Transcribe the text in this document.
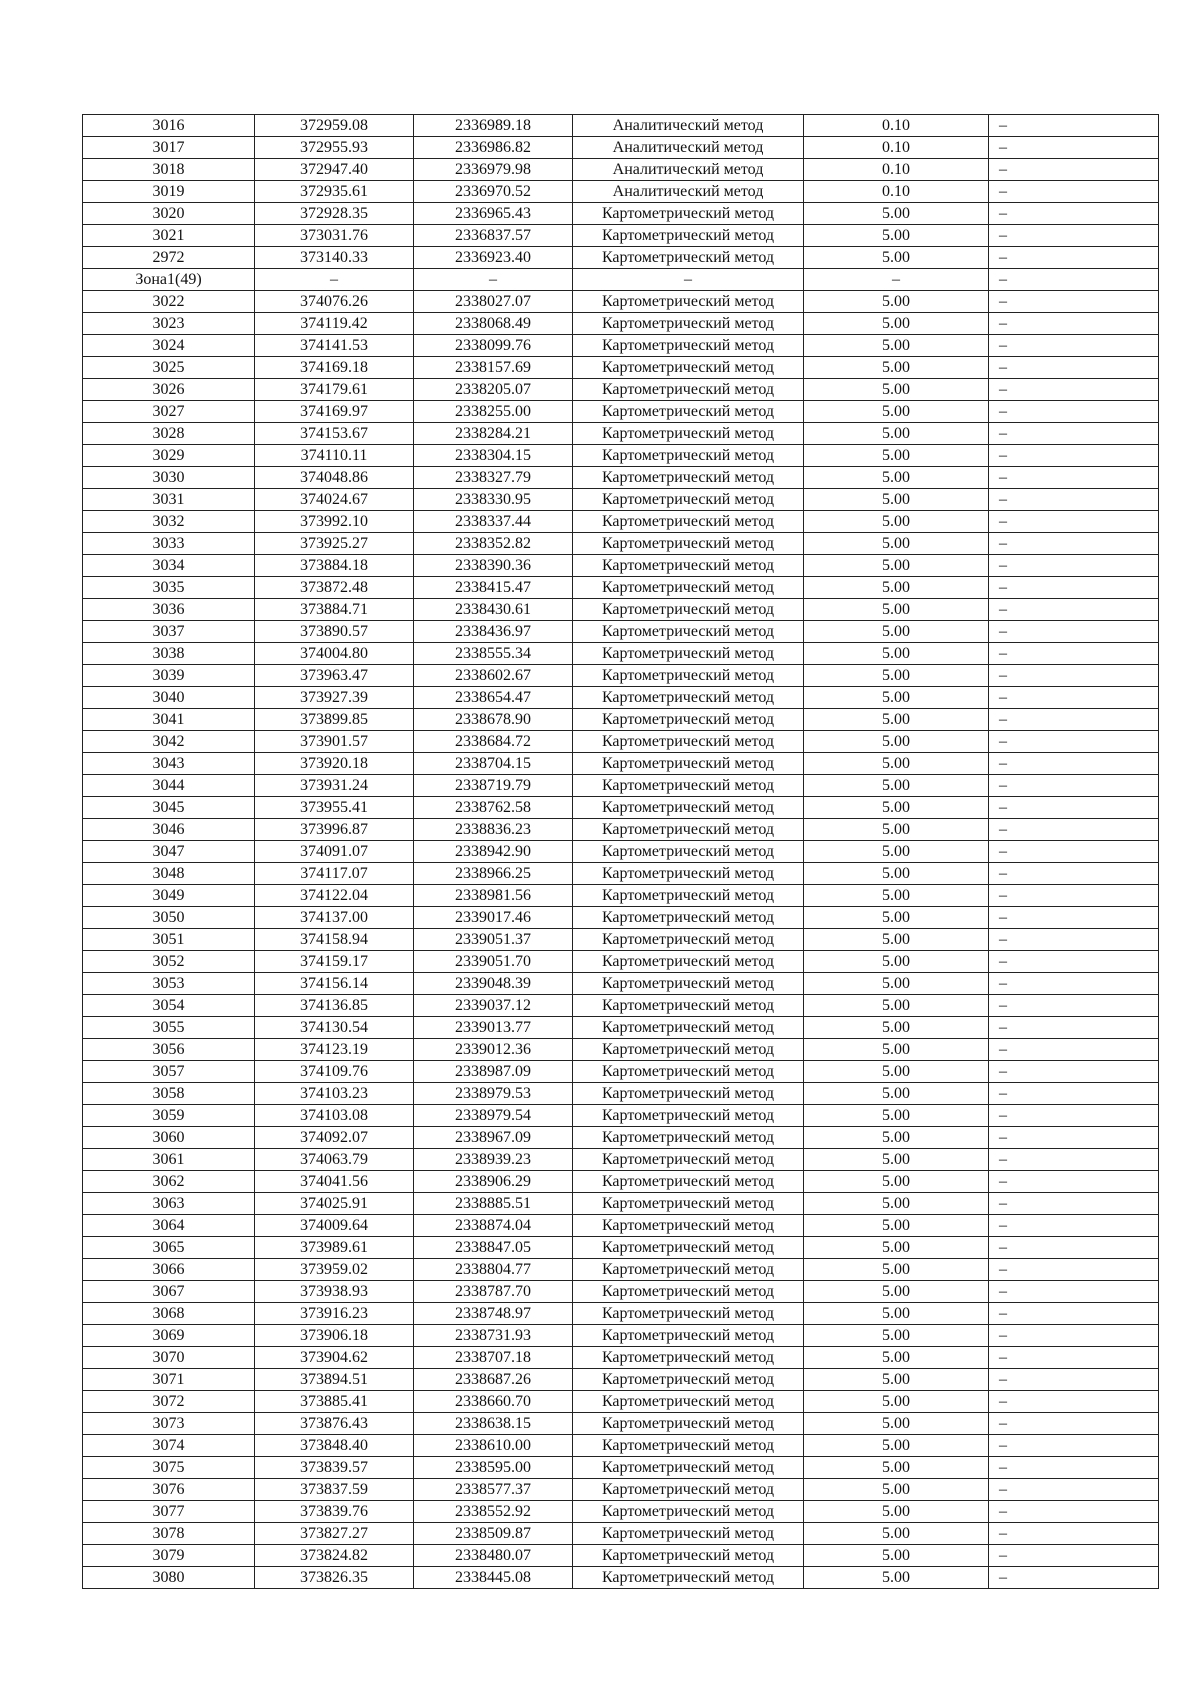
3016	372959.08	2336989.18	Аналитический метод	0.10	–
3017	372955.93	2336986.82	Аналитический метод	0.10	–
3018	372947.40	2336979.98	Аналитический метод	0.10	–
3019	372935.61	2336970.52	Аналитический метод	0.10	–
3020	372928.35	2336965.43	Картометрический метод	5.00	–
3021	373031.76	2336837.57	Картометрический метод	5.00	–
2972	373140.33	2336923.40	Картометрический метод	5.00	–
Зона1(49)	–	–	–	–	–
3022	374076.26	2338027.07	Картометрический метод	5.00	–
3023	374119.42	2338068.49	Картометрический метод	5.00	–
3024	374141.53	2338099.76	Картометрический метод	5.00	–
3025	374169.18	2338157.69	Картометрический метод	5.00	–
3026	374179.61	2338205.07	Картометрический метод	5.00	–
3027	374169.97	2338255.00	Картометрический метод	5.00	–
3028	374153.67	2338284.21	Картометрический метод	5.00	–
3029	374110.11	2338304.15	Картометрический метод	5.00	–
3030	374048.86	2338327.79	Картометрический метод	5.00	–
3031	374024.67	2338330.95	Картометрический метод	5.00	–
3032	373992.10	2338337.44	Картометрический метод	5.00	–
3033	373925.27	2338352.82	Картометрический метод	5.00	–
3034	373884.18	2338390.36	Картометрический метод	5.00	–
3035	373872.48	2338415.47	Картометрический метод	5.00	–
3036	373884.71	2338430.61	Картометрический метод	5.00	–
3037	373890.57	2338436.97	Картометрический метод	5.00	–
3038	374004.80	2338555.34	Картометрический метод	5.00	–
3039	373963.47	2338602.67	Картометрический метод	5.00	–
3040	373927.39	2338654.47	Картометрический метод	5.00	–
3041	373899.85	2338678.90	Картометрический метод	5.00	–
3042	373901.57	2338684.72	Картометрический метод	5.00	–
3043	373920.18	2338704.15	Картометрический метод	5.00	–
3044	373931.24	2338719.79	Картометрический метод	5.00	–
3045	373955.41	2338762.58	Картометрический метод	5.00	–
3046	373996.87	2338836.23	Картометрический метод	5.00	–
3047	374091.07	2338942.90	Картометрический метод	5.00	–
3048	374117.07	2338966.25	Картометрический метод	5.00	–
3049	374122.04	2338981.56	Картометрический метод	5.00	–
3050	374137.00	2339017.46	Картометрический метод	5.00	–
3051	374158.94	2339051.37	Картометрический метод	5.00	–
3052	374159.17	2339051.70	Картометрический метод	5.00	–
3053	374156.14	2339048.39	Картометрический метод	5.00	–
3054	374136.85	2339037.12	Картометрический метод	5.00	–
3055	374130.54	2339013.77	Картометрический метод	5.00	–
3056	374123.19	2339012.36	Картометрический метод	5.00	–
3057	374109.76	2338987.09	Картометрический метод	5.00	–
3058	374103.23	2338979.53	Картометрический метод	5.00	–
3059	374103.08	2338979.54	Картометрический метод	5.00	–
3060	374092.07	2338967.09	Картометрический метод	5.00	–
3061	374063.79	2338939.23	Картометрический метод	5.00	–
3062	374041.56	2338906.29	Картометрический метод	5.00	–
3063	374025.91	2338885.51	Картометрический метод	5.00	–
3064	374009.64	2338874.04	Картометрический метод	5.00	–
3065	373989.61	2338847.05	Картометрический метод	5.00	–
3066	373959.02	2338804.77	Картометрический метод	5.00	–
3067	373938.93	2338787.70	Картометрический метод	5.00	–
3068	373916.23	2338748.97	Картометрический метод	5.00	–
3069	373906.18	2338731.93	Картометрический метод	5.00	–
3070	373904.62	2338707.18	Картометрический метод	5.00	–
3071	373894.51	2338687.26	Картометрический метод	5.00	–
3072	373885.41	2338660.70	Картометрический метод	5.00	–
3073	373876.43	2338638.15	Картометрический метод	5.00	–
3074	373848.40	2338610.00	Картометрический метод	5.00	–
3075	373839.57	2338595.00	Картометрический метод	5.00	–
3076	373837.59	2338577.37	Картометрический метод	5.00	–
3077	373839.76	2338552.92	Картометрический метод	5.00	–
3078	373827.27	2338509.87	Картометрический метод	5.00	–
3079	373824.82	2338480.07	Картометрический метод	5.00	–
3080	373826.35	2338445.08	Картометрический метод	5.00	–
